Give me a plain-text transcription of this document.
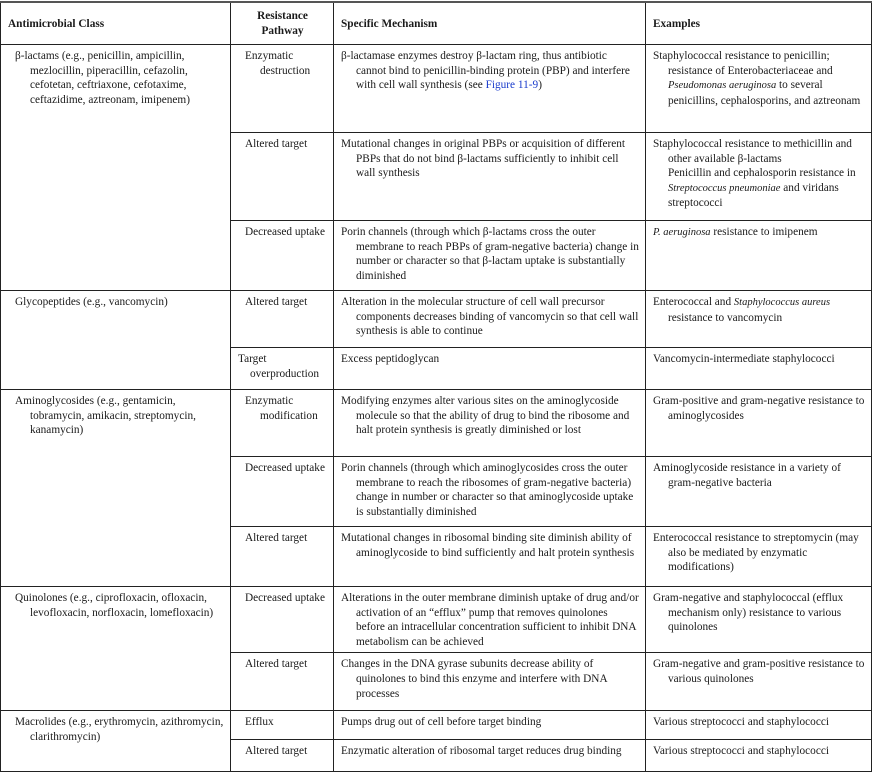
Antimicrobial Class	Resistance Pathway	Specific Mechanism	Examples

β-lactams (e.g., penicillin, ampicillin, mezlocillin, piperacillin, cefazolin, cefotetan, ceftriaxone, cefotaxime, ceftazidime, aztreonam, imipenem)	Enzymatic destruction	β-lactamase enzymes destroy β-lactam ring, thus antibiotic cannot bind to penicillin-binding protein (PBP) and interfere with cell wall synthesis (see Figure 11-9)	Staphylococcal resistance to penicillin; resistance of Enterobacteriaceae and Pseudomonas aeruginosa to several penicillins, cephalosporins, and aztreonam

	Altered target	Mutational changes in original PBPs or acquisition of different PBPs that do not bind β-lactams sufficiently to inhibit cell wall synthesis	Staphylococcal resistance to methicillin and other available β-lactams
Penicillin and cephalosporin resistance in Streptococcus pneumoniae and viridans streptococci

	Decreased uptake	Porin channels (through which β-lactams cross the outer membrane to reach PBPs of gram-negative bacteria) change in number or character so that β-lactam uptake is substantially diminished	P. aeruginosa resistance to imipenem

Glycopeptides (e.g., vancomycin)	Altered target	Alteration in the molecular structure of cell wall precursor components decreases binding of vancomycin so that cell wall synthesis is able to continue	Enterococcal and Staphylococcus aureus resistance to vancomycin

	Target overproduction	Excess peptidoglycan	Vancomycin-intermediate staphylococci

Aminoglycosides (e.g., gentamicin, tobramycin, amikacin, streptomycin, kanamycin)	Enzymatic modification	Modifying enzymes alter various sites on the aminoglycoside molecule so that the ability of drug to bind the ribosome and halt protein synthesis is greatly diminished or lost	Gram-positive and gram-negative resistance to aminoglycosides

	Decreased uptake	Porin channels (through which aminoglycosides cross the outer membrane to reach the ribosomes of gram-negative bacteria) change in number or character so that aminoglycoside uptake is substantially diminished	Aminoglycoside resistance in a variety of gram-negative bacteria

	Altered target	Mutational changes in ribosomal binding site diminish ability of aminoglycoside to bind sufficiently and halt protein synthesis	Enterococcal resistance to streptomycin (may also be mediated by enzymatic modifications)

Quinolones (e.g., ciprofloxacin, ofloxacin, levofloxacin, norfloxacin, lomefloxacin)	Decreased uptake	Alterations in the outer membrane diminish uptake of drug and/or activation of an “efflux” pump that removes quinolones before an intracellular concentration sufficient to inhibit DNA metabolism can be achieved	Gram-negative and staphylococcal (efflux mechanism only) resistance to various quinolones

	Altered target	Changes in the DNA gyrase subunits decrease ability of quinolones to bind this enzyme and interfere with DNA processes	Gram-negative and gram-positive resistance to various quinolones

Macrolides (e.g., erythromycin, azithromycin, clarithromycin)	Efflux	Pumps drug out of cell before target binding	Various streptococci and staphylococci

	Altered target	Enzymatic alteration of ribosomal target reduces drug binding	Various streptococci and staphylococci
